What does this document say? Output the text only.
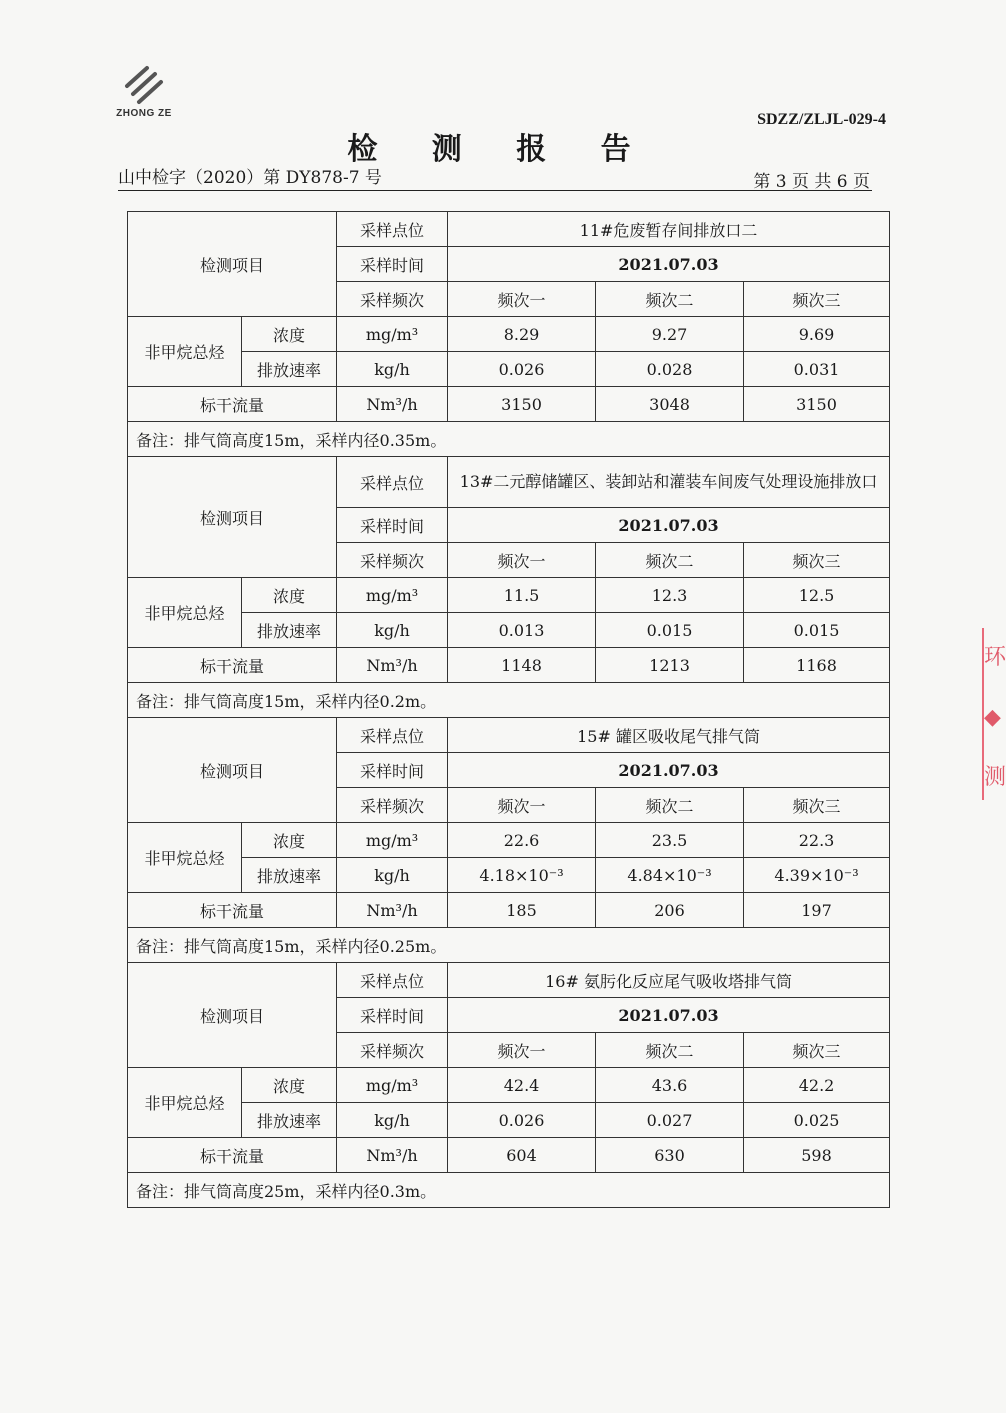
ZHONG ZE	SDZZ/ZLJL-029-4
检 测 报 告
山中检字（2020）第 DY878-7 号	第 3 页 共 6 页
检测项目		采样点位	11#危废暂存间排放口二		
		采样时间	2021.07.03		
		采样频次	频次一	频次二	频次三
非甲烷总烃	浓度	mg/m³	8.29	9.27	9.69
	排放速率	kg/h	0.026	0.028	0.031
标干流量		Nm³/h	3150	3048	3150
备注：排气筒高度15m，采样内径0.35m。					
检测项目		采样点位	13#二元醇储罐区、装卸站和灌装车间废气处理设施排放口		
		采样时间	2021.07.03		
		采样频次	频次一	频次二	频次三
非甲烷总烃	浓度	mg/m³	11.5	12.3	12.5
	排放速率	kg/h	0.013	0.015	0.015
标干流量		Nm³/h	1148	1213	1168
备注：排气筒高度15m，采样内径0.2m。					
检测项目		采样点位	15# 罐区吸收尾气排气筒		
		采样时间	2021.07.03		
		采样频次	频次一	频次二	频次三
非甲烷总烃	浓度	mg/m³	22.6	23.5	22.3
	排放速率	kg/h	4.18×10⁻³	4.84×10⁻³	4.39×10⁻³
标干流量		Nm³/h	185	206	197
备注：排气筒高度15m，采样内径0.25m。					
检测项目		采样点位	16# 氨肟化反应尾气吸收塔排气筒		
		采样时间	2021.07.03		
		采样频次	频次一	频次二	频次三
非甲烷总烃	浓度	mg/m³	42.4	43.6	42.2
	排放速率	kg/h	0.026	0.027	0.025
标干流量		Nm³/h	604	630	598
备注：排气筒高度25m，采样内径0.3m。					
环
◆
测
